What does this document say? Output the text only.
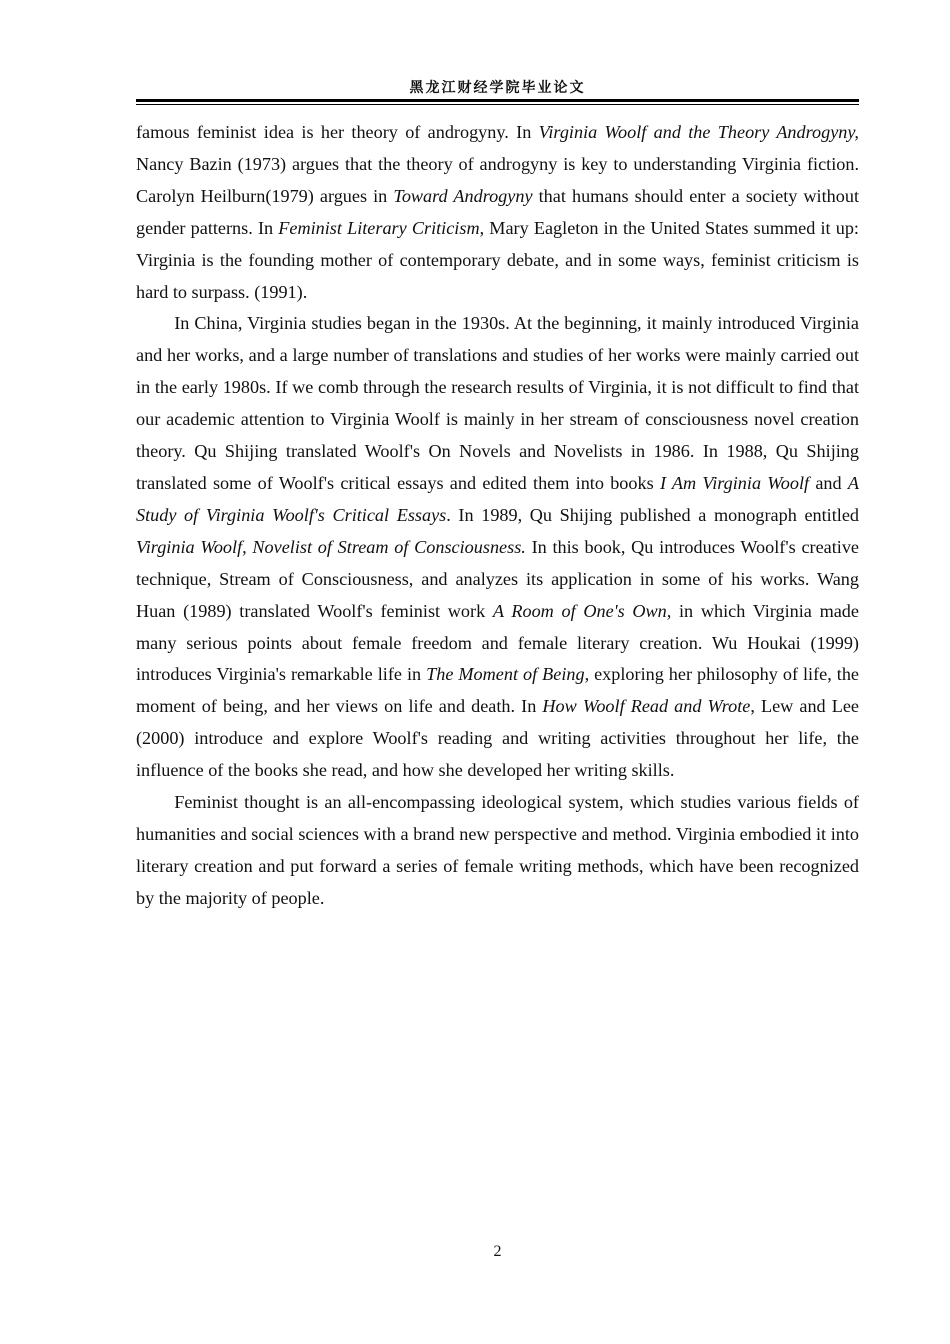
黑龙江财经学院毕业论文

famous feminist idea is her theory of androgyny. In Virginia Woolf and the Theory Androgyny, Nancy Bazin (1973) argues that the theory of androgyny is key to understanding Virginia fiction. Carolyn Heilburn(1979) argues in Toward Androgyny that humans should enter a society without gender patterns. In Feminist Literary Criticism, Mary Eagleton in the United States summed it up: Virginia is the founding mother of contemporary debate, and in some ways, feminist criticism is hard to surpass. (1991).

In China, Virginia studies began in the 1930s. At the beginning, it mainly introduced Virginia and her works, and a large number of translations and studies of her works were mainly carried out in the early 1980s. If we comb through the research results of Virginia, it is not difficult to find that our academic attention to Virginia Woolf is mainly in her stream of consciousness novel creation theory. Qu Shijing translated Woolf's On Novels and Novelists in 1986. In 1988, Qu Shijing translated some of Woolf's critical essays and edited them into books I Am Virginia Woolf and A Study of Virginia Woolf's Critical Essays. In 1989, Qu Shijing published a monograph entitled Virginia Woolf, Novelist of Stream of Consciousness. In this book, Qu introduces Woolf's creative technique, Stream of Consciousness, and analyzes its application in some of his works. Wang Huan (1989) translated Woolf's feminist work A Room of One's Own, in which Virginia made many serious points about female freedom and female literary creation. Wu Houkai (1999) introduces Virginia's remarkable life in The Moment of Being, exploring her philosophy of life, the moment of being, and her views on life and death. In How Woolf Read and Wrote, Lew and Lee (2000) introduce and explore Woolf's reading and writing activities throughout her life, the influence of the books she read, and how she developed her writing skills.

Feminist thought is an all-encompassing ideological system, which studies various fields of humanities and social sciences with a brand new perspective and method. Virginia embodied it into literary creation and put forward a series of female writing methods, which have been recognized by the majority of people.

2
